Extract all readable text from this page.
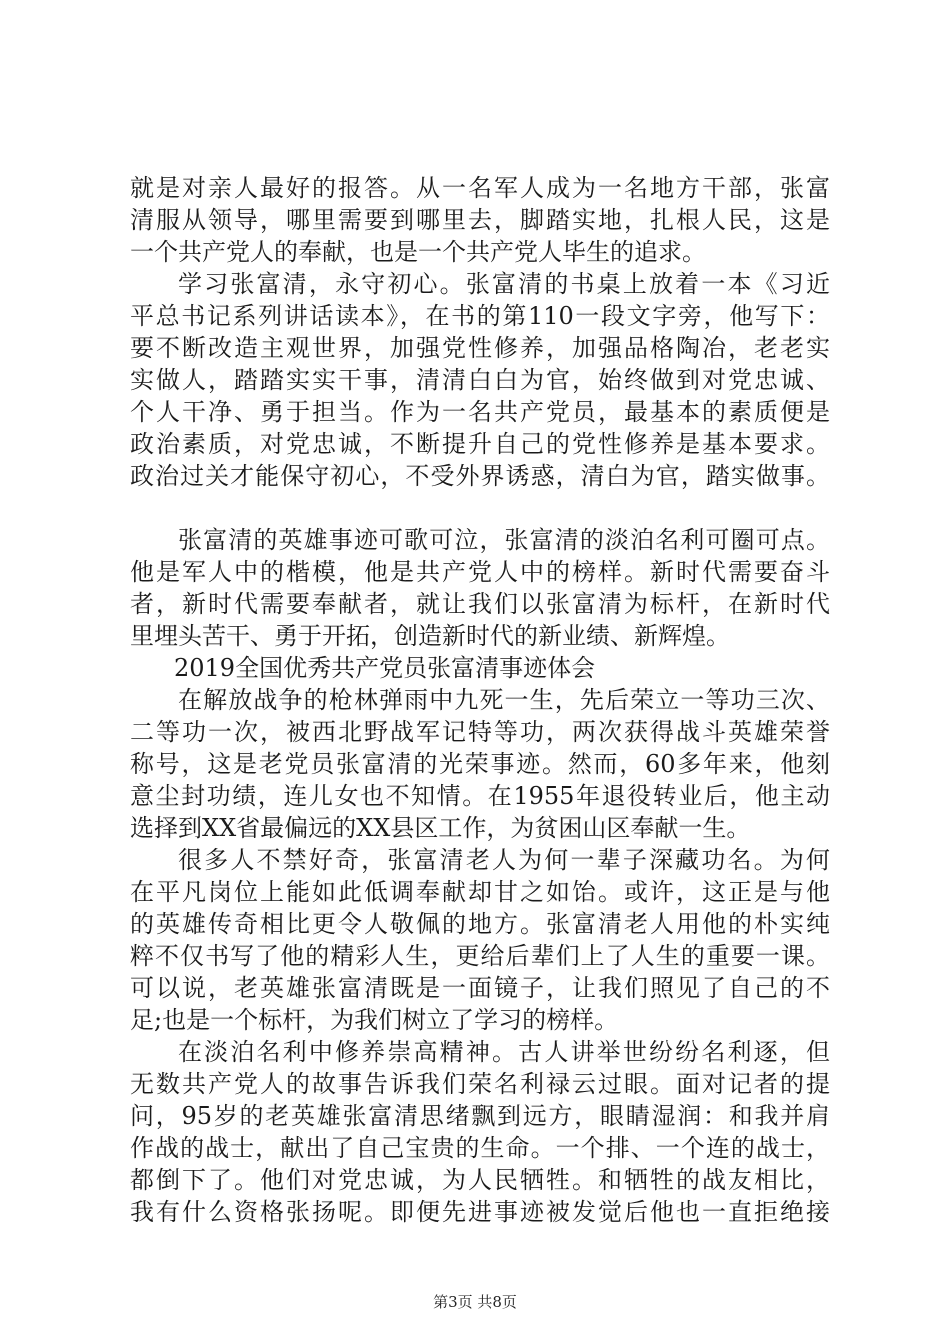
就是对亲人最好的报答。从一名军人成为一名地方干部，张富
清服从领导，哪里需要到哪里去，脚踏实地，扎根人民，这是
一个共产党人的奉献，也是一个共产党人毕生的追求。
学习张富清，永守初心。张富清的书桌上放着一本《习近
平总书记系列讲话读本》，在书的第110一段文字旁，他写下：
要不断改造主观世界，加强党性修养，加强品格陶冶，老老实
实做人，踏踏实实干事，清清白白为官，始终做到对党忠诚、
个人干净、勇于担当。作为一名共产党员，最基本的素质便是
政治素质，对党忠诚，不断提升自己的党性修养是基本要求。
政治过关才能保守初心，不受外界诱惑，清白为官，踏实做事。
张富清的英雄事迹可歌可泣，张富清的淡泊名利可圈可点。
他是军人中的楷模，他是共产党人中的榜样。新时代需要奋斗
者，新时代需要奉献者，就让我们以张富清为标杆，在新时代
里埋头苦干、勇于开拓，创造新时代的新业绩、新辉煌。
2019全国优秀共产党员张富清事迹体会
在解放战争的枪林弹雨中九死一生，先后荣立一等功三次、
二等功一次，被西北野战军记特等功，两次获得战斗英雄荣誉
称号，这是老党员张富清的光荣事迹。然而，60多年来，他刻
意尘封功绩，连儿女也不知情。在1955年退役转业后，他主动
选择到XX省最偏远的XX县区工作，为贫困山区奉献一生。
很多人不禁好奇，张富清老人为何一辈子深藏功名。为何
在平凡岗位上能如此低调奉献却甘之如饴。或许，这正是与他
的英雄传奇相比更令人敬佩的地方。张富清老人用他的朴实纯
粹不仅书写了他的精彩人生，更给后辈们上了人生的重要一课。
可以说，老英雄张富清既是一面镜子，让我们照见了自己的不
足;也是一个标杆，为我们树立了学习的榜样。
在淡泊名利中修养崇高精神。古人讲举世纷纷名利逐，但
无数共产党人的故事告诉我们荣名利禄云过眼。面对记者的提
问，95岁的老英雄张富清思绪飘到远方，眼睛湿润：和我并肩
作战的战士，献出了自己宝贵的生命。一个排、一个连的战士，
都倒下了。他们对党忠诚，为人民牺牲。和牺牲的战友相比，
我有什么资格张扬呢。即便先进事迹被发觉后他也一直拒绝接
第3页 共8页
